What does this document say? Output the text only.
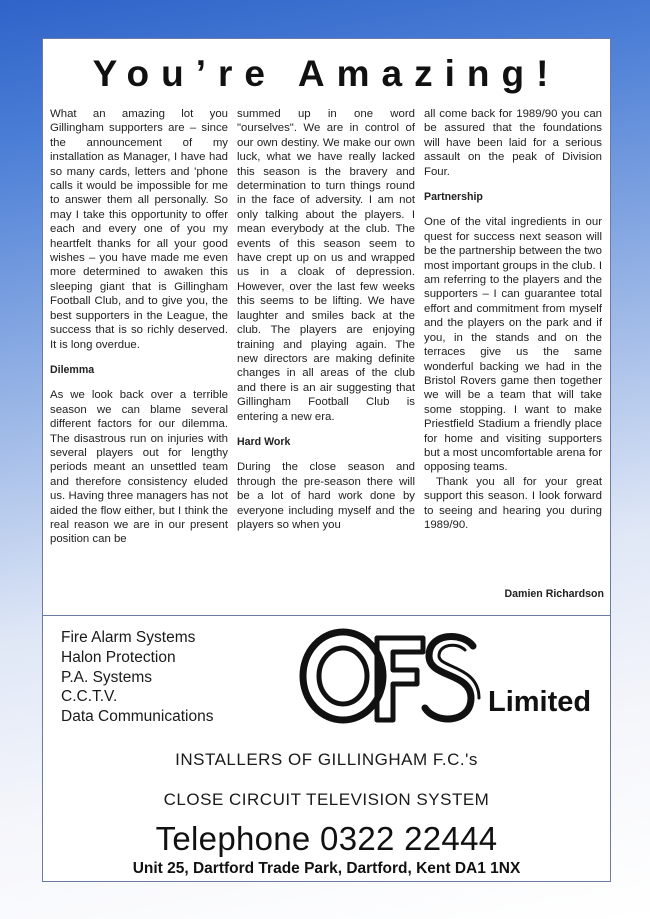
You’re Amazing!

What an amazing lot you Gillingham supporters are – since the announcement of my installation as Manager, I have had so many cards, letters and 'phone calls it would be impossible for me to answer them all personally. So may I take this opportunity to offer each and every one of you my heartfelt thanks for all your good wishes – you have made me even more determined to awaken this sleeping giant that is Gillingham Football Club, and to give you, the best supporters in the League, the success that is so richly deserved. It is long overdue.

Dilemma

As we look back over a terrible season we can blame several different factors for our dilemma. The disastrous run on injuries with several players out for lengthy periods meant an unsettled team and therefore consistency eluded us. Having three managers has not aided the flow either, but I think the real reason we are in our present position can be

summed up in one word "ourselves". We are in control of our own destiny. We make our own luck, what we have really lacked this season is the bravery and determination to turn things round in the face of adversity. I am not only talking about the players. I mean everybody at the club. The events of this season seem to have crept up on us and wrapped us in a cloak of depression. However, over the last few weeks this seems to be lifting. We have laughter and smiles back at the club. The players are enjoying training and playing again. The new directors are making definite changes in all areas of the club and there is an air suggesting that Gillingham Football Club is entering a new era.

Hard Work

During the close season and through the pre-season there will be a lot of hard work done by everyone including myself and the players so when you

all come back for 1989/90 you can be assured that the foundations will have been laid for a serious assault on the peak of Division Four.

Partnership

One of the vital ingredients in our quest for success next season will be the partnership between the two most important groups in the club. I am referring to the players and the supporters – I can guarantee total effort and commitment from myself and the players on the park and if you, in the stands and on the terraces give us the same wonderful backing we had in the Bristol Rovers game then together we will be a team that will take some stopping. I want to make Priestfield Stadium a friendly place for home and visiting supporters but a most uncomfortable arena for opposing teams.

Thank you all for your great support this season. I look forward to seeing and hearing you during 1989/90.

Damien Richardson
Fire Alarm Systems
Halon Protection
P.A. Systems
C.C.T.V.
Data Communications	Limited
INSTALLERS OF GILLINGHAM F.C.'s
CLOSE CIRCUIT TELEVISION SYSTEM
Telephone 0322 22444
Unit 25, Dartford Trade Park, Dartford, Kent DA1 1NX
